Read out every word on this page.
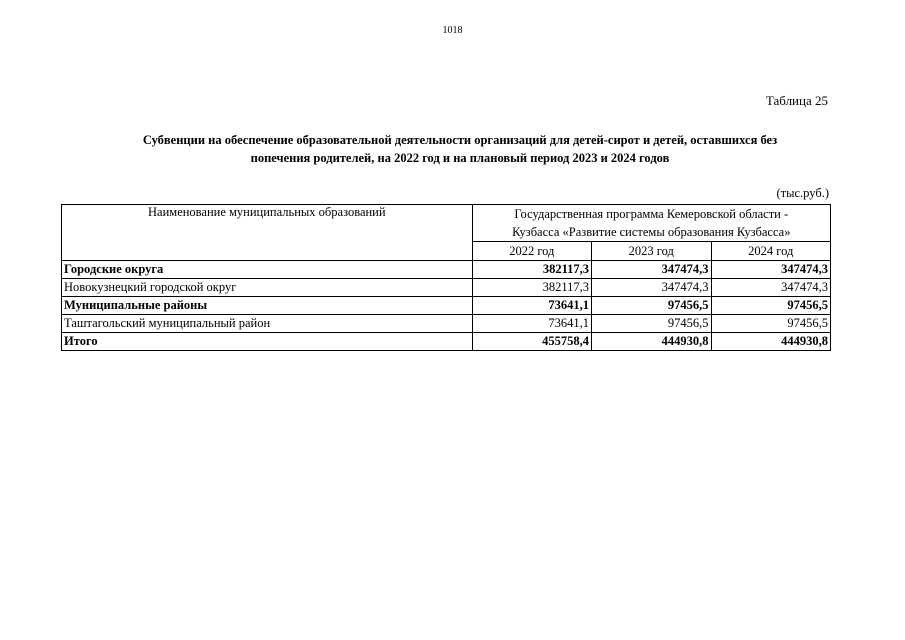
1018
Таблица 25
Субвенции на обеспечение образовательной деятельности организаций для детей-сирот и детей, оставшихся без
попечения родителей, на 2022 год и на плановый период 2023 и 2024 годов
(тыс.руб.)
Наименование муниципальных образований	Государственная программа Кемеровской области -
Кузбасса «Развитие системы образования Кузбасса»		

	2022 год	2023 год	2024 год
Городские округа	382117,3	347474,3	347474,3
Новокузнецкий городской округ	382117,3	347474,3	347474,3
Муниципальные районы	73641,1	97456,5	97456,5
Таштагольский муниципальный район	73641,1	97456,5	97456,5
Итого	455758,4	444930,8	444930,8
